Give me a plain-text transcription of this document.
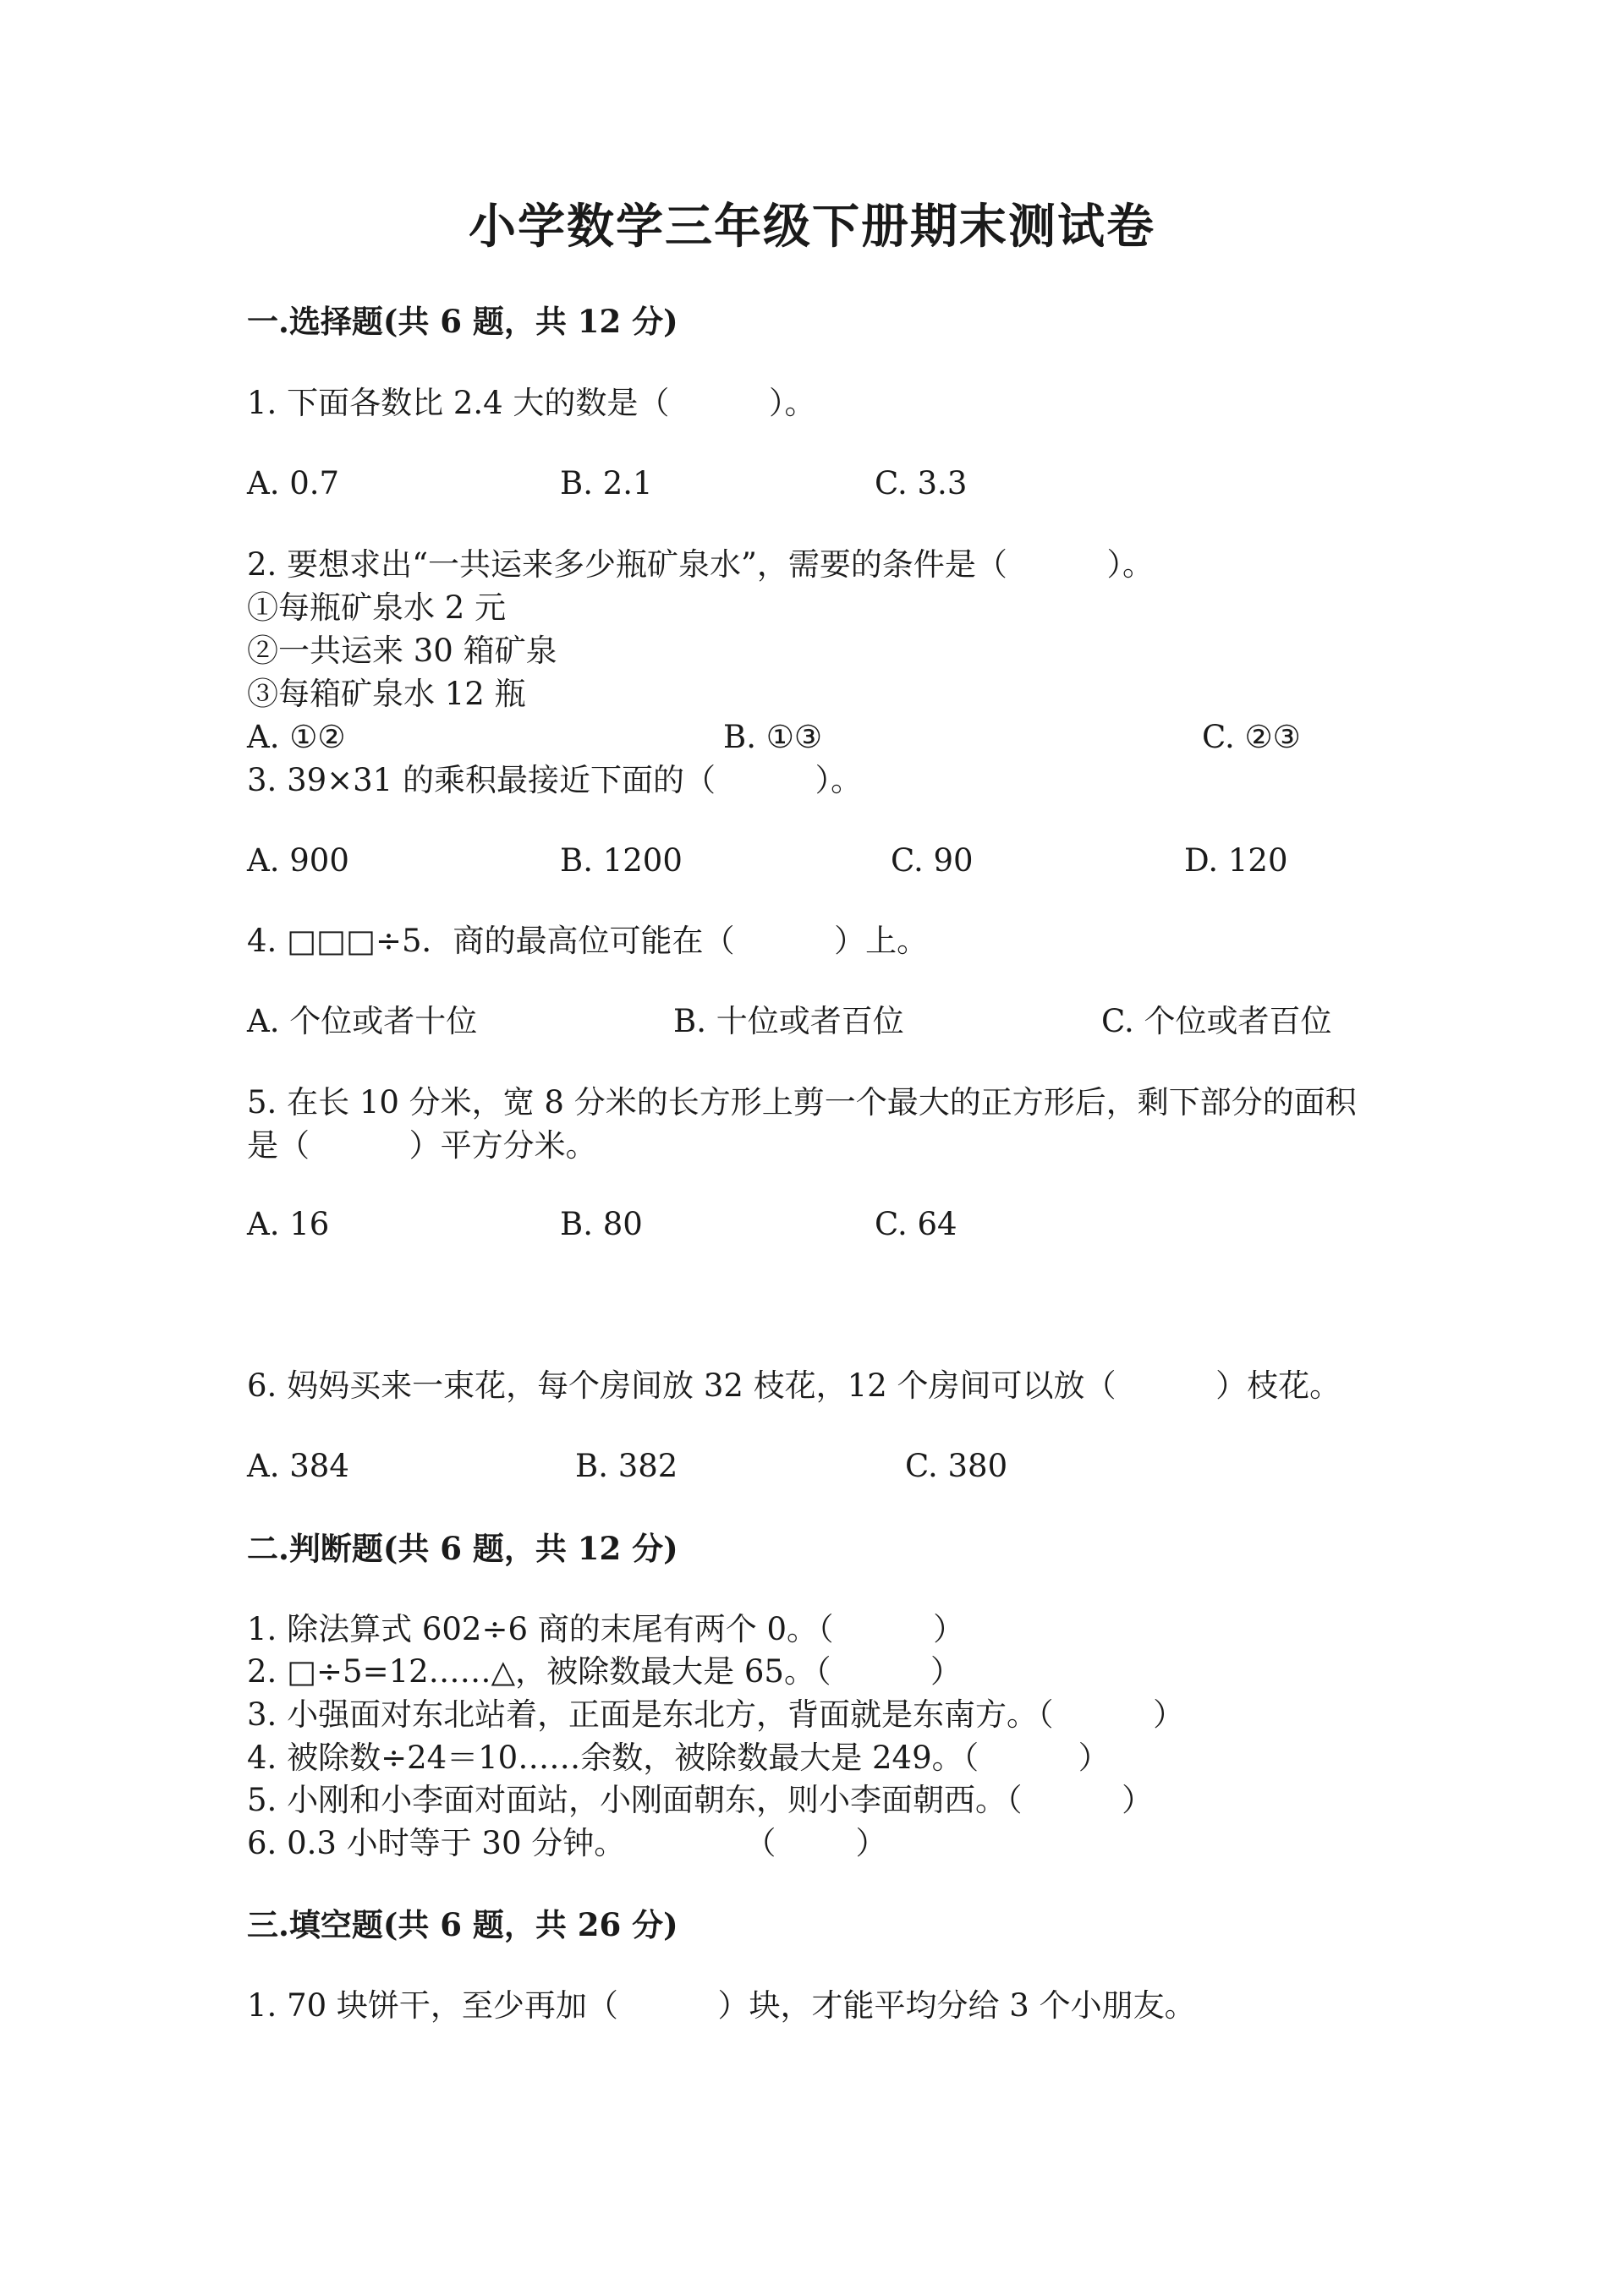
小学数学三年级下册期末测试卷
一.选择题(共 6 题，共 12 分)
1. 下面各数比 2.4 大的数是（          ）。
A. 0.7	B. 2.1	C. 3.3
2. 要想求出“一共运来多少瓶矿泉水”，需要的条件是（          ）。
①每瓶矿泉水 2 元
②一共运来 30 箱矿泉
③每箱矿泉水 12 瓶
A. ①②	B. ①③	C. ②③
3. 39×31 的乘积最接近下面的（          ）。
A. 900	B. 1200	C. 90	D. 120
4. □□□÷5．商的最高位可能在（          ）上。
A. 个位或者十位	B. 十位或者百位	C. 个位或者百位
5. 在长 10 分米，宽 8 分米的长方形上剪一个最大的正方形后，剩下部分的面积
是（          ）平方分米。
A. 16	B. 80	C. 64
6. 妈妈买来一束花，每个房间放 32 枝花，12 个房间可以放（          ）枝花。
A. 384	B. 382	C. 380
二.判断题(共 6 题，共 12 分)
1. 除法算式 602÷6 商的末尾有两个 0。（          ）
2. □÷5=12……△，被除数最大是 65。（          ）
3. 小强面对东北站着，正面是东北方，背面就是东南方。（          ）
4. 被除数÷24＝10……余数，被除数最大是 249。（          ）
5. 小刚和小李面对面站，小刚面朝东，则小李面朝西。（          ）
6. 0.3 小时等于 30 分钟。            （        ）
三.填空题(共 6 题，共 26 分)
1. 70 块饼干，至少再加（          ）块，才能平均分给 3 个小朋友。
